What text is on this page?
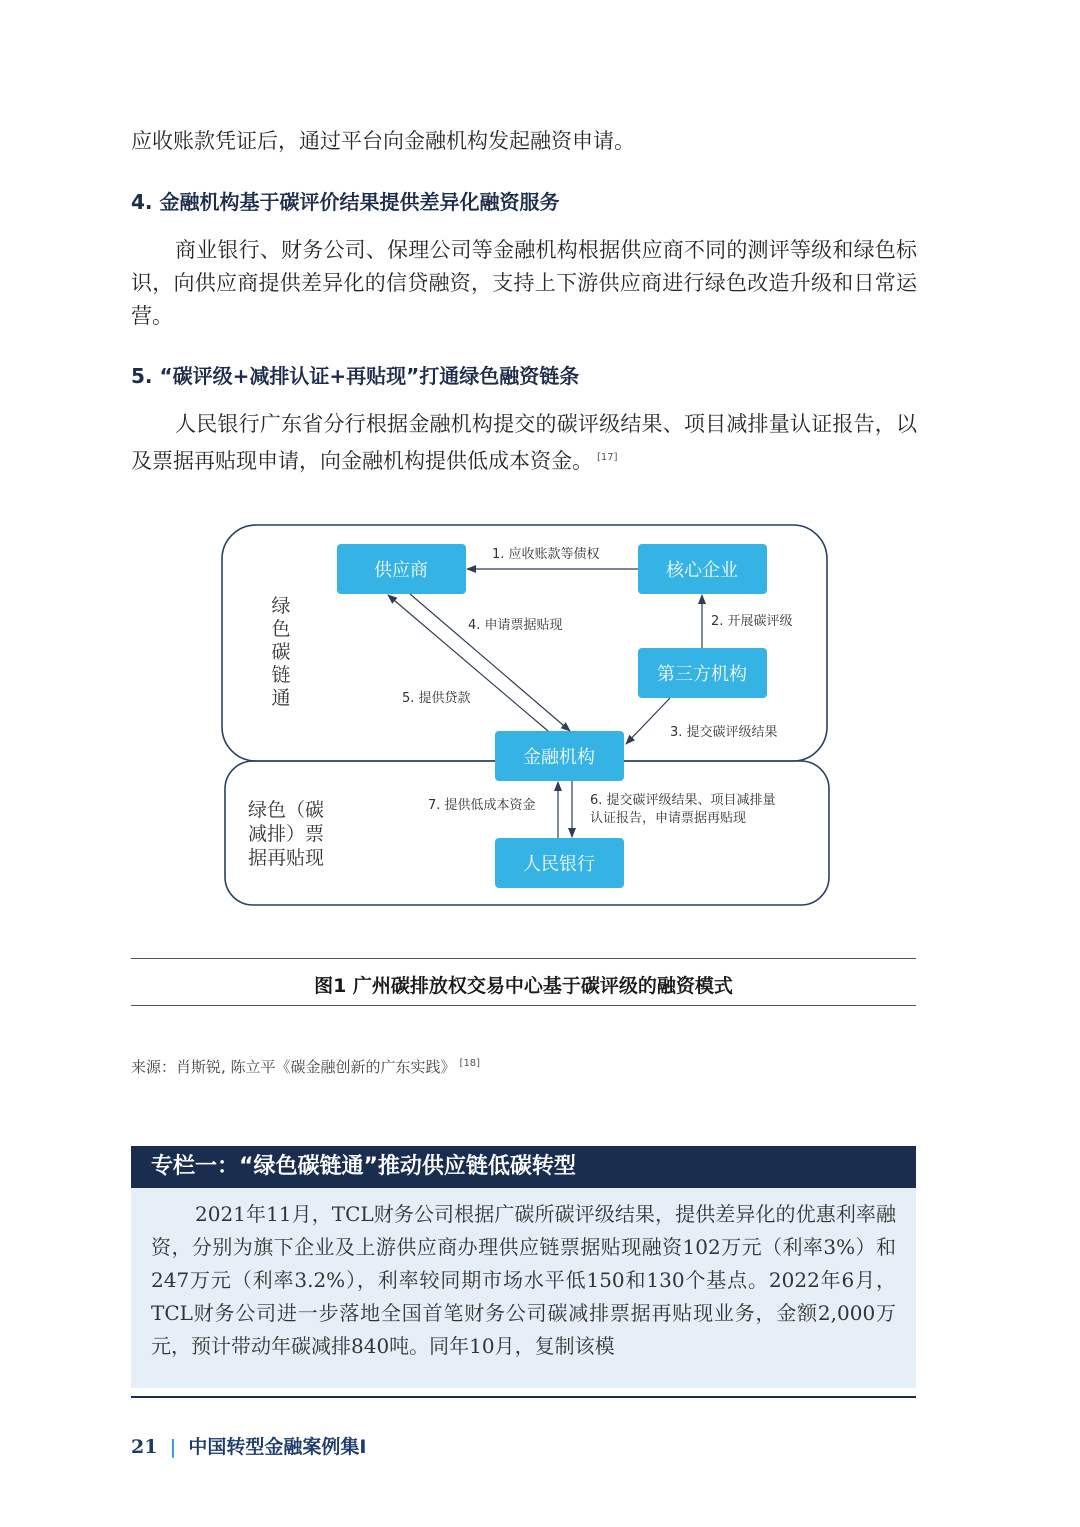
应收账款凭证后，通过平台向金融机构发起融资申请。
4. 金融机构基于碳评价结果提供差异化融资服务
商业银行、财务公司、保理公司等金融机构根据供应商不同的测评等级和绿色标识，向供应商提供差异化的信贷融资，支持上下游供应商进行绿色改造升级和日常运营。
5. “碳评级+减排认证+再贴现”打通绿色融资链条
人民银行广东省分行根据金融机构提交的碳评级结果、项目减排量认证报告，以及票据再贴现申请，向金融机构提供低成本资金。 [17]
绿
色
碳
链
通
绿色（碳
减排）票
据再贴现
供应商	核心企业
第三方机构
金融机构
人民银行
1. 应收账款等债权
2. 开展碳评级
3. 提交碳评级结果
4. 申请票据贴现
5. 提供贷款
6. 提交碳评级结果、项目减排量
认证报告，申请票据再贴现
7. 提供低成本资金
图1 广州碳排放权交易中心基于碳评级的融资模式
来源：肖斯锐, 陈立平《碳金融创新的广东实践》 [18]
专栏一：“绿色碳链通”推动供应链低碳转型
2021年11月，TCL财务公司根据广碳所碳评级结果，提供差异化的优惠利率融资，分别为旗下企业及上游供应商办理供应链票据贴现融资102万元（利率3%）和247万元（利率3.2%），利率较同期市场水平低150和130个基点。2022年6月，TCL财务公司进一步落地全国首笔财务公司碳减排票据再贴现业务，金额2,000万元，预计带动年碳减排840吨。同年10月，复制该模
21 | 中国转型金融案例集I
